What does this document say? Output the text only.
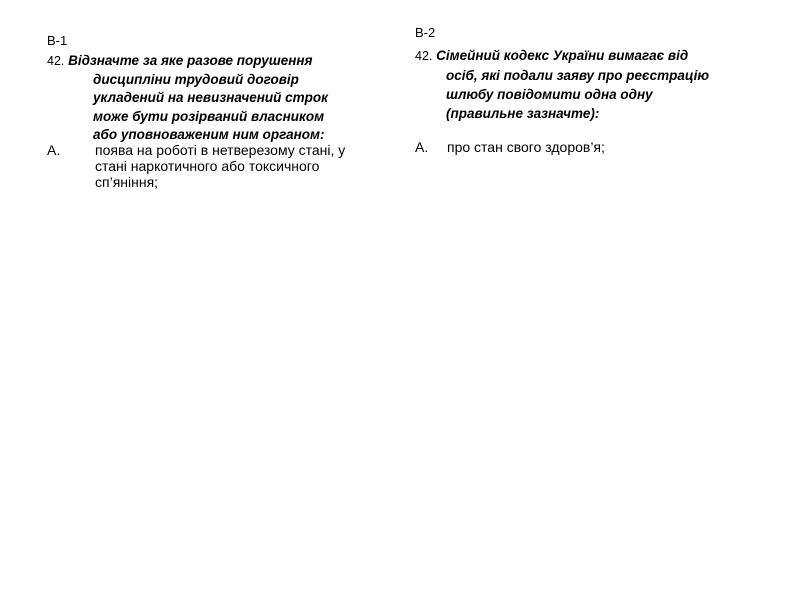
В-1
42. Відзначте за яке разове порушення
дисципліни трудовий договір
укладений на невизначений строк
може бути розірваний власником
або уповноваженим ним органом:
А. поява на роботі в нетверезому стані, у
стані наркотичного або токсичного
сп’яніння;
В-2
42. Сімейний кодекс України вимагає від
осіб, які подали заяву про реєстрацію
шлюбу повідомити одна одну
(правильне зазначте):
А. про стан свого здоров’я;
